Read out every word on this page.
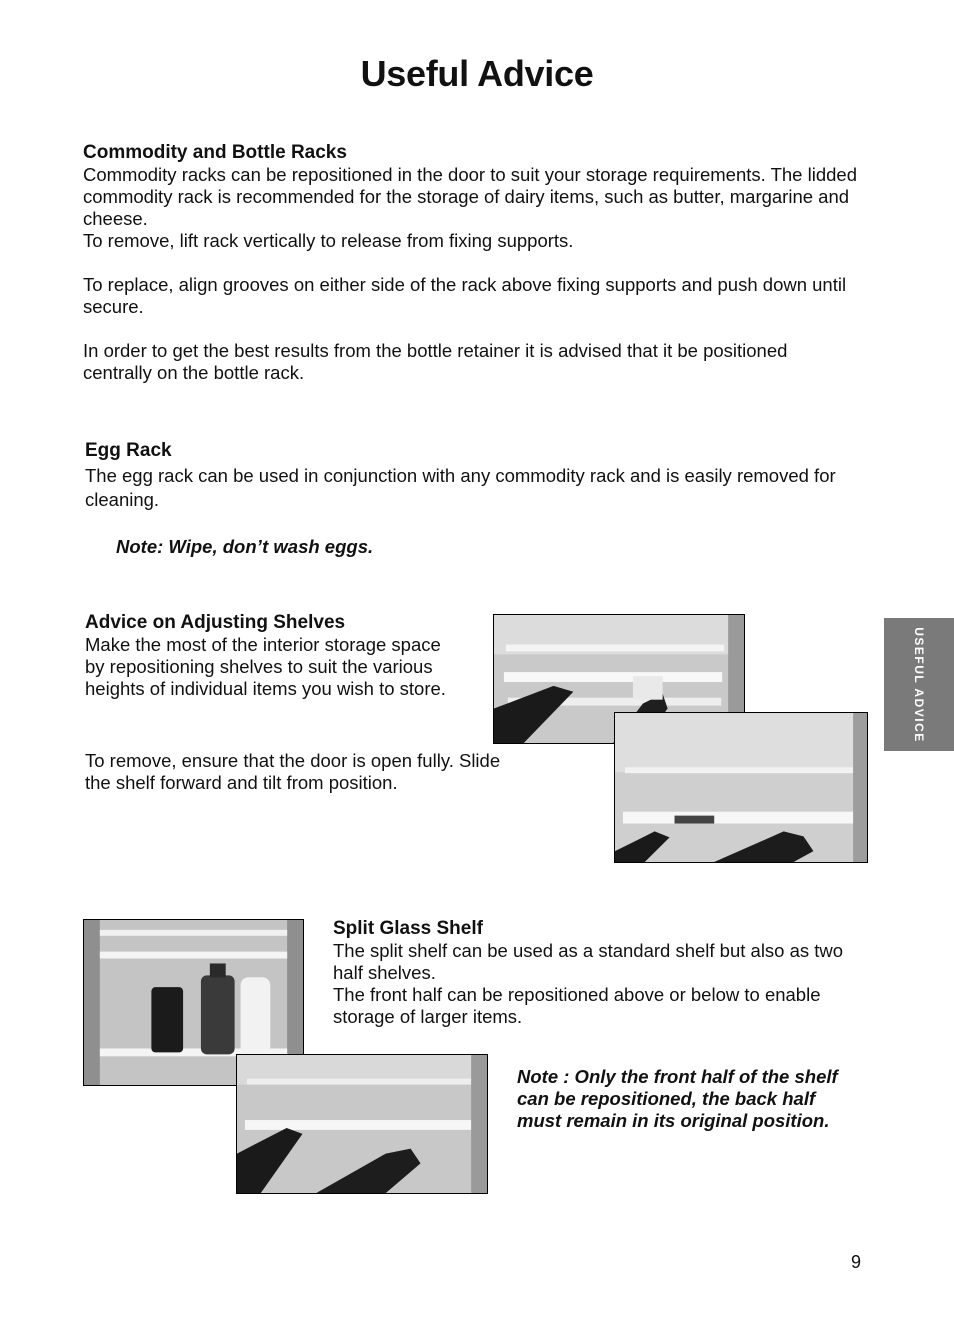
Useful Advice
Commodity and Bottle Racks

Commodity racks can be repositioned in the door to suit your storage requirements. The lidded commodity rack is recommended for the storage of dairy items, such as butter, margarine and cheese.

To remove, lift rack vertically to release from fixing supports.

To replace, align grooves on either side of the rack above fixing supports and push down until secure.

In order to get the best results from the bottle retainer it is advised that it be positioned centrally on the bottle rack.

Egg Rack

The egg rack can be used in conjunction with any commodity rack and is easily removed for cleaning.

Note: Wipe, don’t wash eggs.

Advice on Adjusting Shelves

Make the most of the interior storage space by repositioning shelves to suit the various heights of individual items you wish to store.

To remove, ensure that the door is open fully. Slide the shelf forward and tilt from position.

USEFUL ADVICE
Split Glass Shelf

The split shelf can be used as a standard shelf but also as two half shelves.

The front half can be repositioned above or below to enable storage of larger items.

Note : Only the front half of the shelf can be repositioned, the back half must remain in its original position.

9
